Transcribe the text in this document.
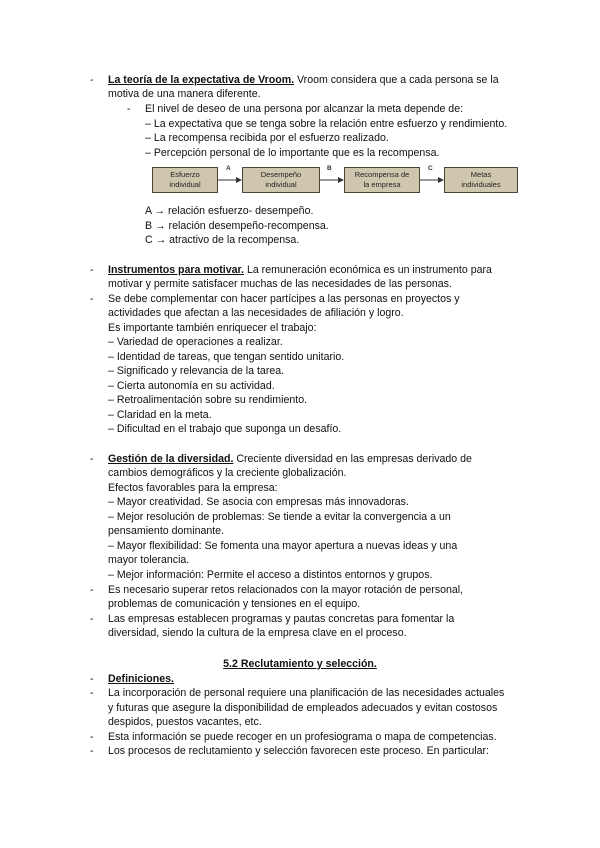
- La teoría de la expectativa de Vroom. Vroom considera que a cada persona se la
motiva de una manera diferente.
- El nivel de deseo de una persona por alcanzar la meta depende de:
– La expectativa que se tenga sobre la relación entre esfuerzo y rendimiento.
– La recompensa recibida por el esfuerzo realizado.
– Percepción personal de lo importante que es la recompensa.
Esfuerzo
individual
Desempeño
individual
Recompensa de
la empresa
Metas
individuales
A	B	C
A → relación esfuerzo- desempeño.
B → relación desempeño-recompensa.
C → atractivo de la recompensa.
- Instrumentos para motivar. La remuneración económica es un instrumento para
motivar y permite satisfacer muchas de las necesidades de las personas.
- Se debe complementar con hacer partícipes a las personas en proyectos y
actividades que afectan a las necesidades de afiliación y logro.
Es importante también enriquecer el trabajo:
– Variedad de operaciones a realizar.
– Identidad de tareas, que tengan sentido unitario.
– Significado y relevancia de la tarea.
– Cierta autonomía en su actividad.
– Retroalimentación sobre su rendimiento.
– Claridad en la meta.
– Dificultad en el trabajo que suponga un desafío.
- Gestión de la diversidad. Creciente diversidad en las empresas derivado de
cambios demográficos y la creciente globalización.
Efectos favorables para la empresa:
– Mayor creatividad. Se asocia con empresas más innovadoras.
– Mejor resolución de problemas: Se tiende a evitar la convergencia a un
pensamiento dominante.
– Mayor flexibilidad: Se fomenta una mayor apertura a nuevas ideas y una
mayor tolerancia.
– Mejor información: Permite el acceso a distintos entornos y grupos.
- Es necesario superar retos relacionados con la mayor rotación de personal,
problemas de comunicación y tensiones en el equipo.
- Las empresas establecen programas y pautas concretas para fomentar la
diversidad, siendo la cultura de la empresa clave en el proceso.
5.2 Reclutamiento y selección.
- Definiciones.
- La incorporación de personal requiere una planificación de las necesidades actuales
y futuras que asegure la disponibilidad de empleados adecuados y evitan costosos
despidos, puestos vacantes, etc.
- Esta información se puede recoger en un profesiograma o mapa de competencias.
- Los procesos de reclutamiento y selección favorecen este proceso. En particular:
